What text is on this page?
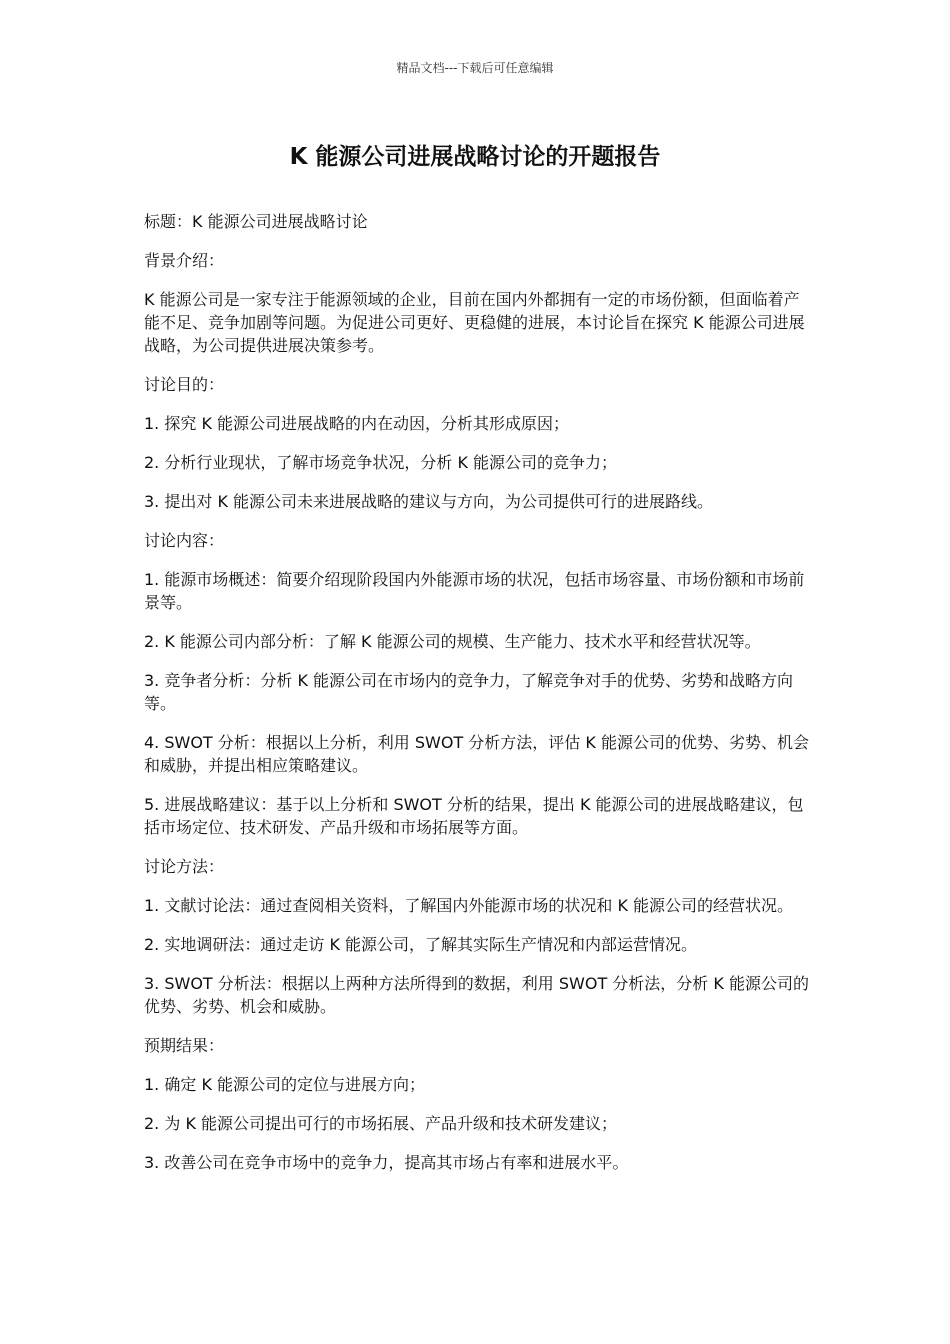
精品文档---下载后可任意编辑
K 能源公司进展战略讨论的开题报告

标题：K 能源公司进展战略讨论

背景介绍：

K 能源公司是一家专注于能源领域的企业，目前在国内外都拥有一定的市场份额，但面临着产能不足、竞争加剧等问题。为促进公司更好、更稳健的进展，本讨论旨在探究 K 能源公司进展战略，为公司提供进展决策参考。

讨论目的：

1. 探究 K 能源公司进展战略的内在动因，分析其形成原因；

2. 分析行业现状，了解市场竞争状况，分析 K 能源公司的竞争力；

3. 提出对 K 能源公司未来进展战略的建议与方向，为公司提供可行的进展路线。

讨论内容：

1. 能源市场概述：简要介绍现阶段国内外能源市场的状况，包括市场容量、市场份额和市场前景等。

2. K 能源公司内部分析：了解 K 能源公司的规模、生产能力、技术水平和经营状况等。

3. 竞争者分析：分析 K 能源公司在市场内的竞争力，了解竞争对手的优势、劣势和战略方向等。

4. SWOT 分析：根据以上分析，利用 SWOT 分析方法，评估 K 能源公司的优势、劣势、机会和威胁，并提出相应策略建议。

5. 进展战略建议：基于以上分析和 SWOT 分析的结果，提出 K 能源公司的进展战略建议，包括市场定位、技术研发、产品升级和市场拓展等方面。

讨论方法：

1. 文献讨论法：通过查阅相关资料，了解国内外能源市场的状况和 K 能源公司的经营状况。

2. 实地调研法：通过走访 K 能源公司，了解其实际生产情况和内部运营情况。

3. SWOT 分析法：根据以上两种方法所得到的数据，利用 SWOT 分析法，分析 K 能源公司的优势、劣势、机会和威胁。

预期结果：

1. 确定 K 能源公司的定位与进展方向；

2. 为 K 能源公司提出可行的市场拓展、产品升级和技术研发建议；

3. 改善公司在竞争市场中的竞争力，提高其市场占有率和进展水平。
